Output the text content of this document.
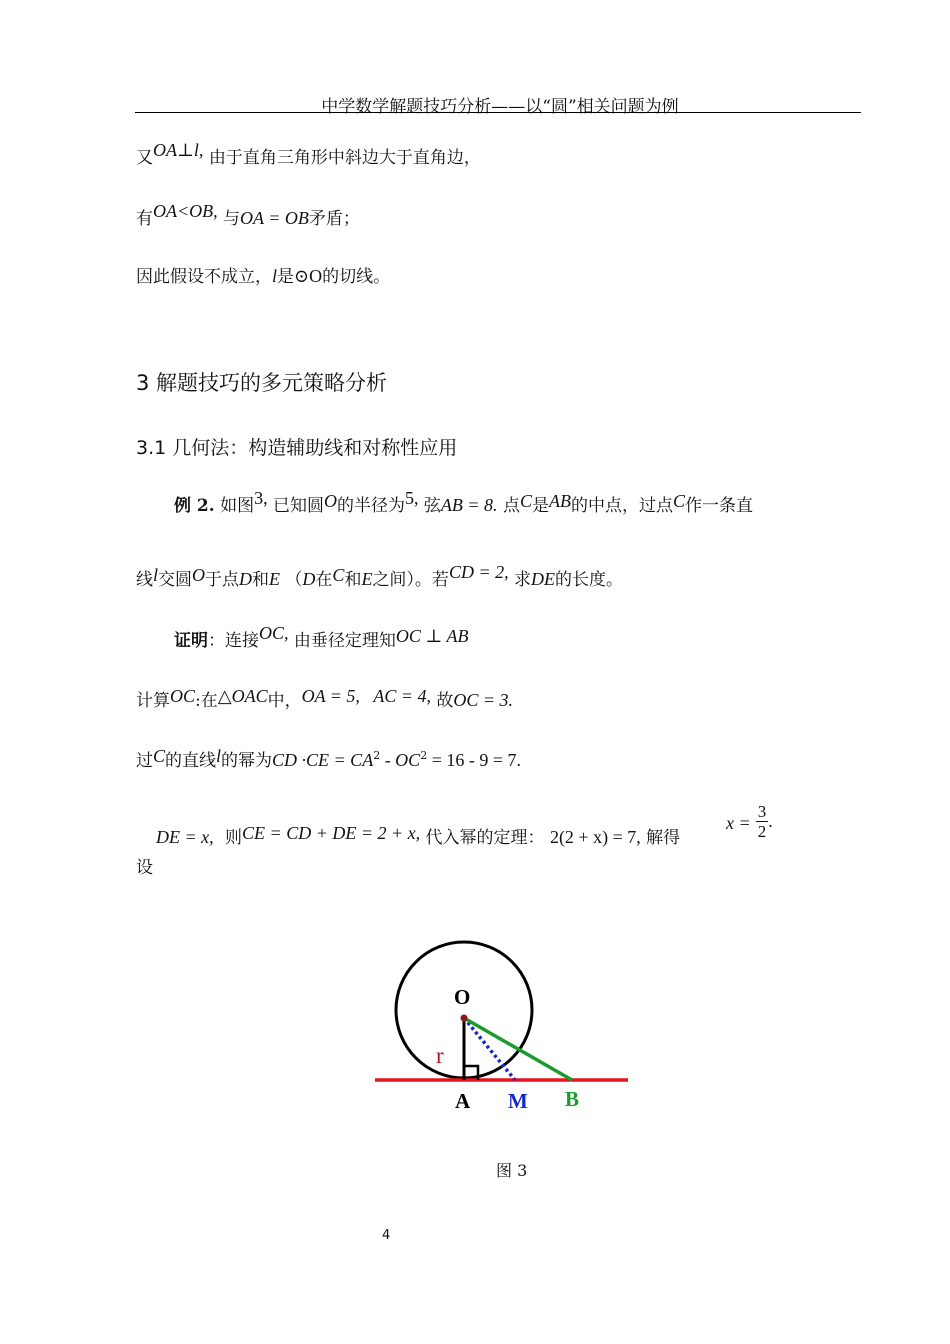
中学数学解题技巧分析——以“圆”相关问题为例
又OA⊥l, 由于直角三角形中斜边大于直角边，
有OA<OB, 与OA = OB矛盾；
因此假设不成立，l是⊙O的切线。
3 解题技巧的多元策略分析
3.1 几何法：构造辅助线和对称性应用
例 2. 如图3, 已知圆O的半径为5, 弦AB = 8. 点C是AB的中点，过点C作一条直
线l交圆O于点D和E （D在C和E之间）。若CD = 2, 求DE的长度。
证明：连接OC, 由垂径定理知OC ⊥ AB
计算OC:在△OAC中，OA = 5, AC = 4, 故OC = 3.
过C的直线l的幂为CD $\cdot CE = CA^2 - OC^2 = 16 - 9 = 7$.
DE = x, 则CE = CD + DE = 2 + x, 代入幂的定理： 2(2 + x) = 7, 解得
$x = \frac{3}{2}$ .
设
O
r
A M B
图 3
4
